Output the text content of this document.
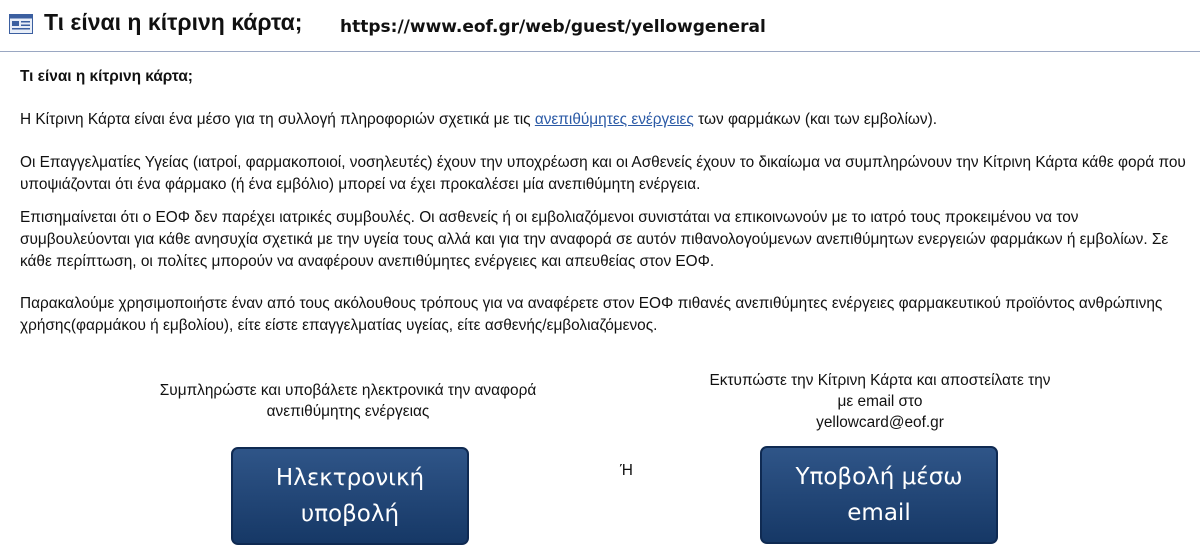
Τι είναι η κίτρινη κάρτα; https://www.eof.gr/web/guest/yellowgeneral

Τι είναι η κίτρινη κάρτα;

Η Κίτρινη Κάρτα είναι ένα μέσο για τη συλλογή πληροφοριών σχετικά με τις ανεπιθύμητες ενέργειες των φαρμάκων (και των εμβολίων).

Οι Επαγγελματίες Υγείας (ιατροί, φαρμακοποιοί, νοσηλευτές) έχουν την υποχρέωση και οι Ασθενείς έχουν το δικαίωμα να συμπληρώνουν την Κίτρινη Κάρτα κάθε φορά που υποψιάζονται ότι ένα φάρμακο (ή ένα εμβόλιο) μπορεί να έχει προκαλέσει μία ανεπιθύμητη ενέργεια.

Επισημαίνεται ότι ο ΕΟΦ δεν παρέχει ιατρικές συμβουλές. Οι ασθενείς ή οι εμβολιαζόμενοι συνιστάται να επικοινωνούν με το ιατρό τους προκειμένου να τον συμβουλεύονται για κάθε ανησυχία σχετικά με την υγεία τους αλλά και για την αναφορά σε αυτόν πιθανολογούμενων ανεπιθύμητων ενεργειών φαρμάκων ή εμβολίων. Σε κάθε περίπτωση, οι πολίτες μπορούν να αναφέρουν ανεπιθύμητες ενέργειες και απευθείας στον ΕΟΦ.

Παρακαλούμε χρησιμοποιήστε έναν από τους ακόλουθους τρόπους για να αναφέρετε στον ΕΟΦ πιθανές ανεπιθύμητες ενέργειες φαρμακευτικού προϊόντος ανθρώπινης χρήσης(φαρμάκου ή εμβολίου), είτε είστε επαγγελματίας υγείας, είτε ασθενής/εμβολιαζόμενος.

Συμπληρώστε και υποβάλετε ηλεκτρονικά την αναφορά
ανεπιθύμητης ενέργειας
Εκτυπώστε την Κίτρινη Κάρτα και αποστείλατε την
με email στο
yellowcard@eof.gr
Ή
Ηλεκτρονική
υποβολή
Υποβολή μέσω
email
